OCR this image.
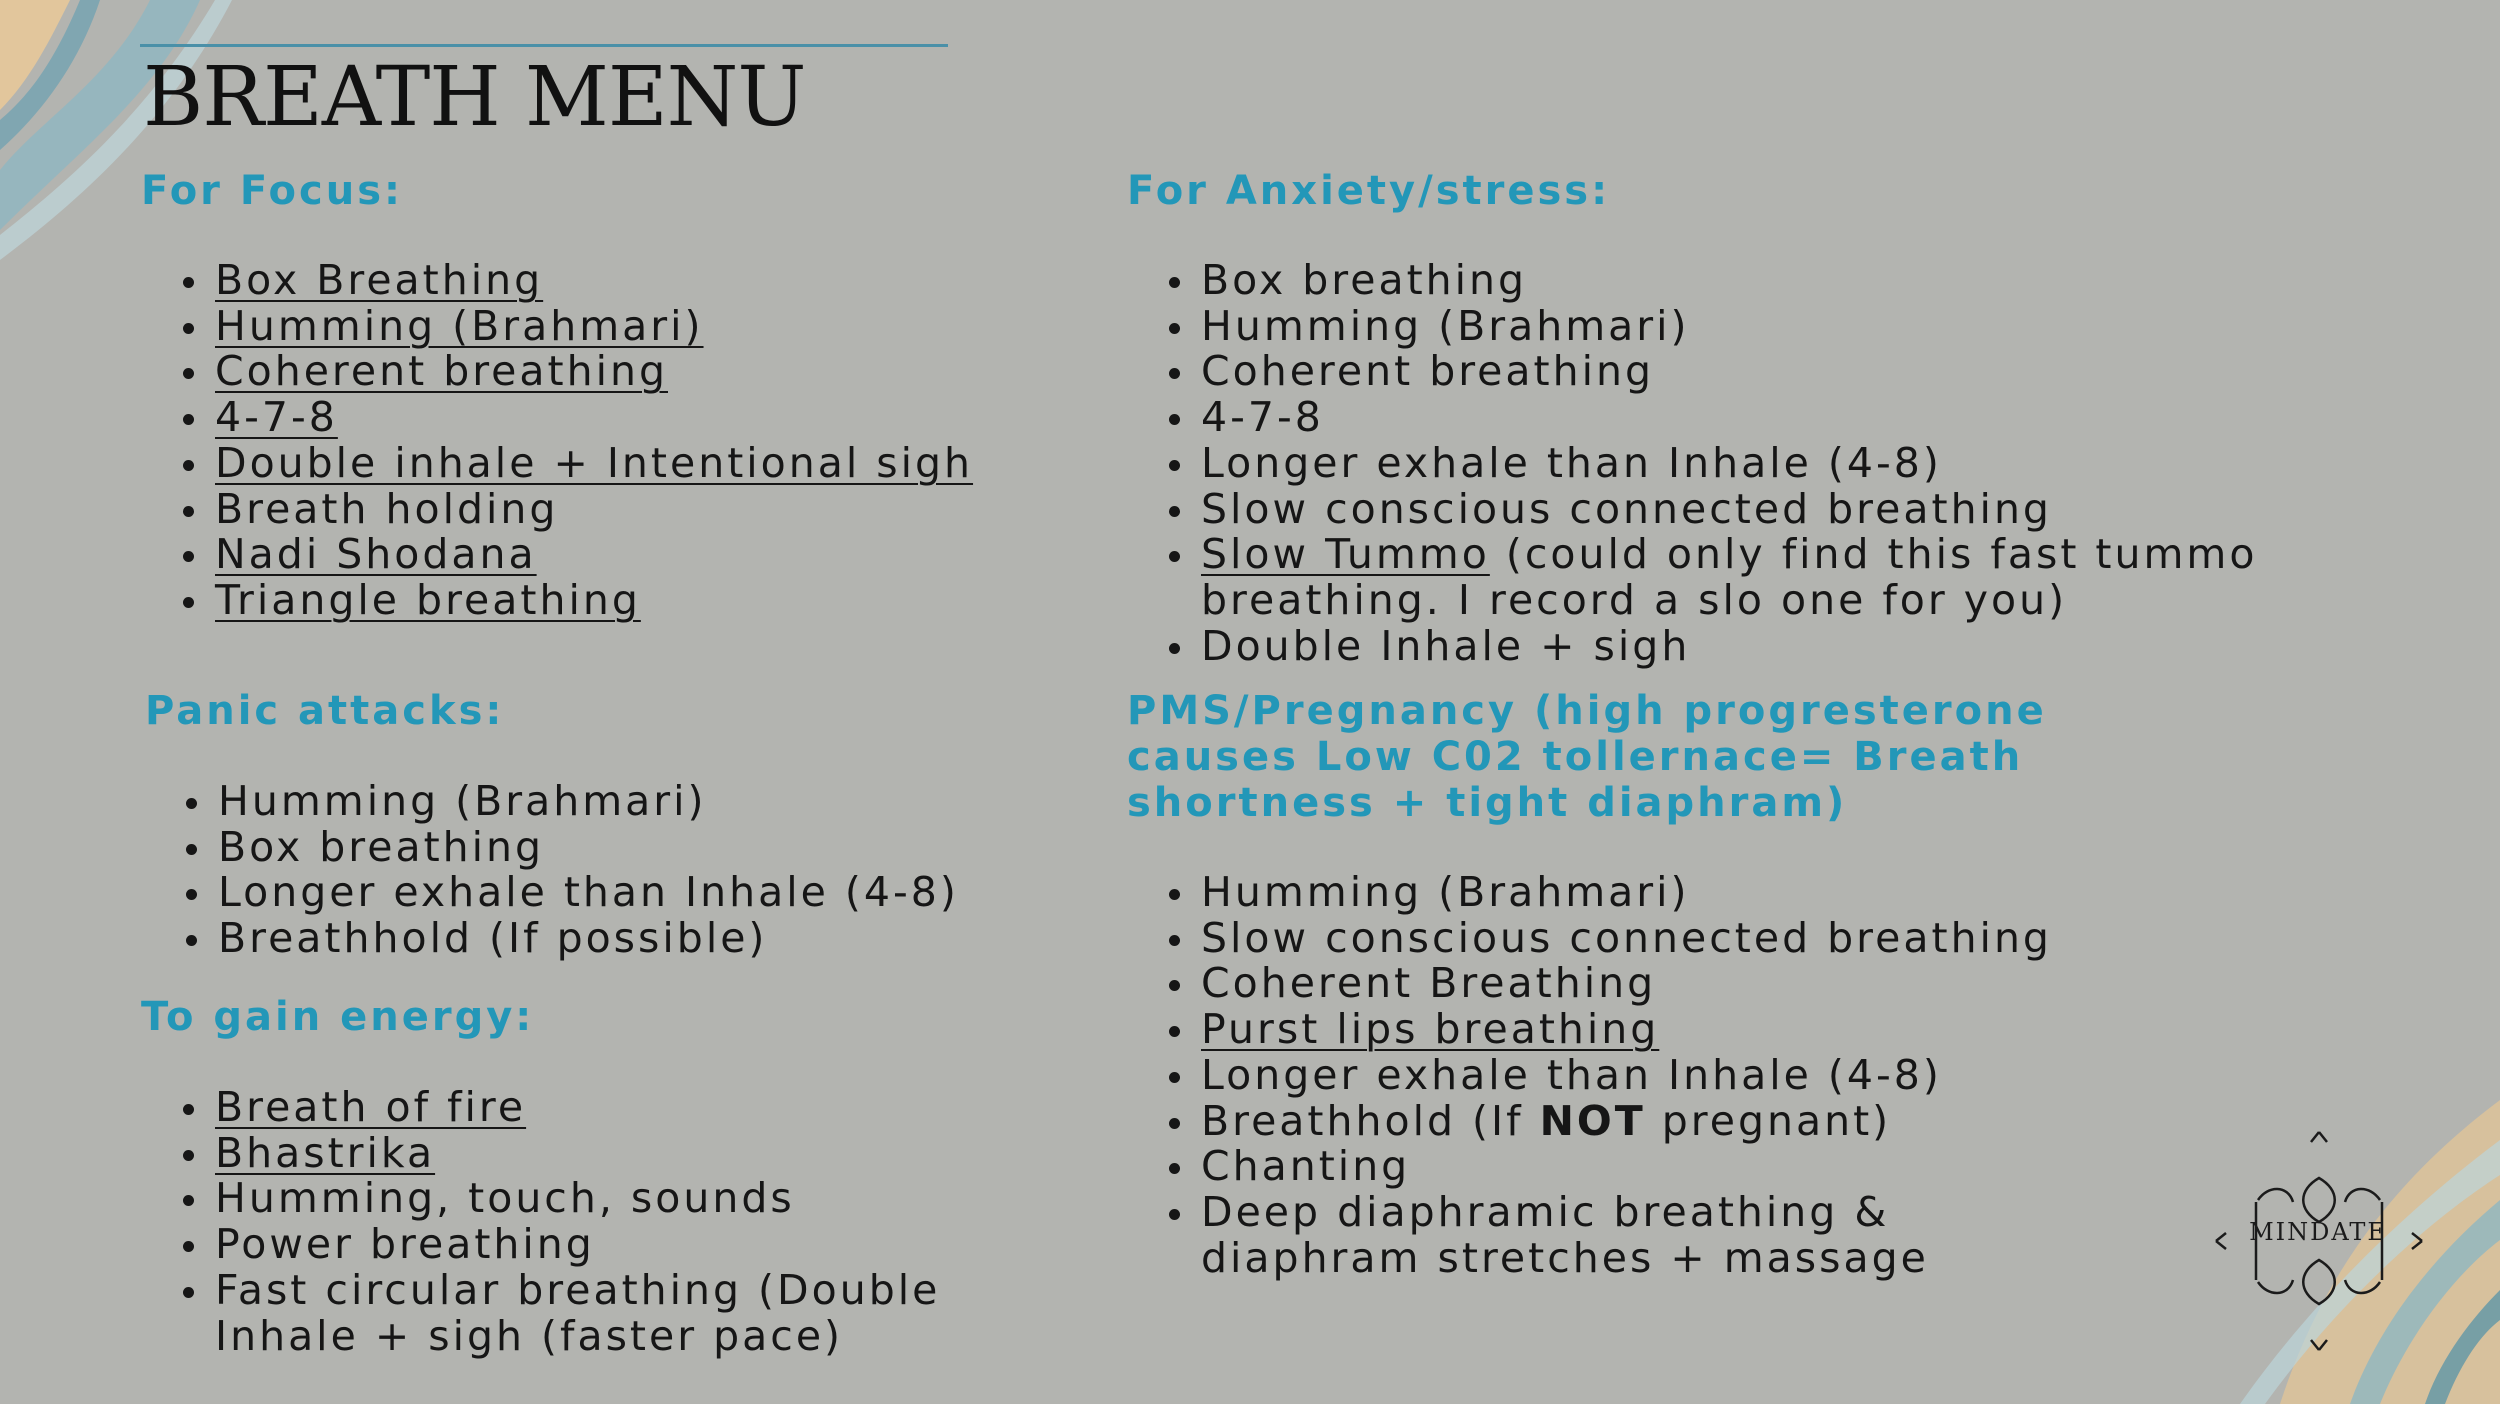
BREATH MENU
For Focus:
Box Breathing
Humming (Brahmari)
Coherent breathing
4-7-8
Double inhale + Intentional sigh
Breath holding
Nadi Shodana
Triangle breathing
Panic attacks:
Humming (Brahmari)
Box breathing
Longer exhale than Inhale (4-8)
Breathhold (If possible)
To gain energy:
Breath of fire
Bhastrika
Humming, touch, sounds
Power breathing
Fast circular breathing (Double Inhale + sigh (faster pace)
For Anxiety/stress:
Box breathing
Humming (Brahmari)
Coherent breathing
4-7-8
Longer exhale than Inhale (4-8)
Slow conscious connected breathing
Slow Tummo (could only find this fast tummo breathing. I record a slo one for you)
Double Inhale + sigh
PMS/Pregnancy (high progresterone causes Low C02 tollernace= Breath shortness + tight diaphram)
Humming (Brahmari)
Slow conscious connected breathing
Coherent Breathing
Purst lips breathing
Longer exhale than Inhale (4-8)
Breathhold (If NOT pregnant)
Chanting
Deep diaphramic breathing & diaphram stretches + massage
MINDATE
